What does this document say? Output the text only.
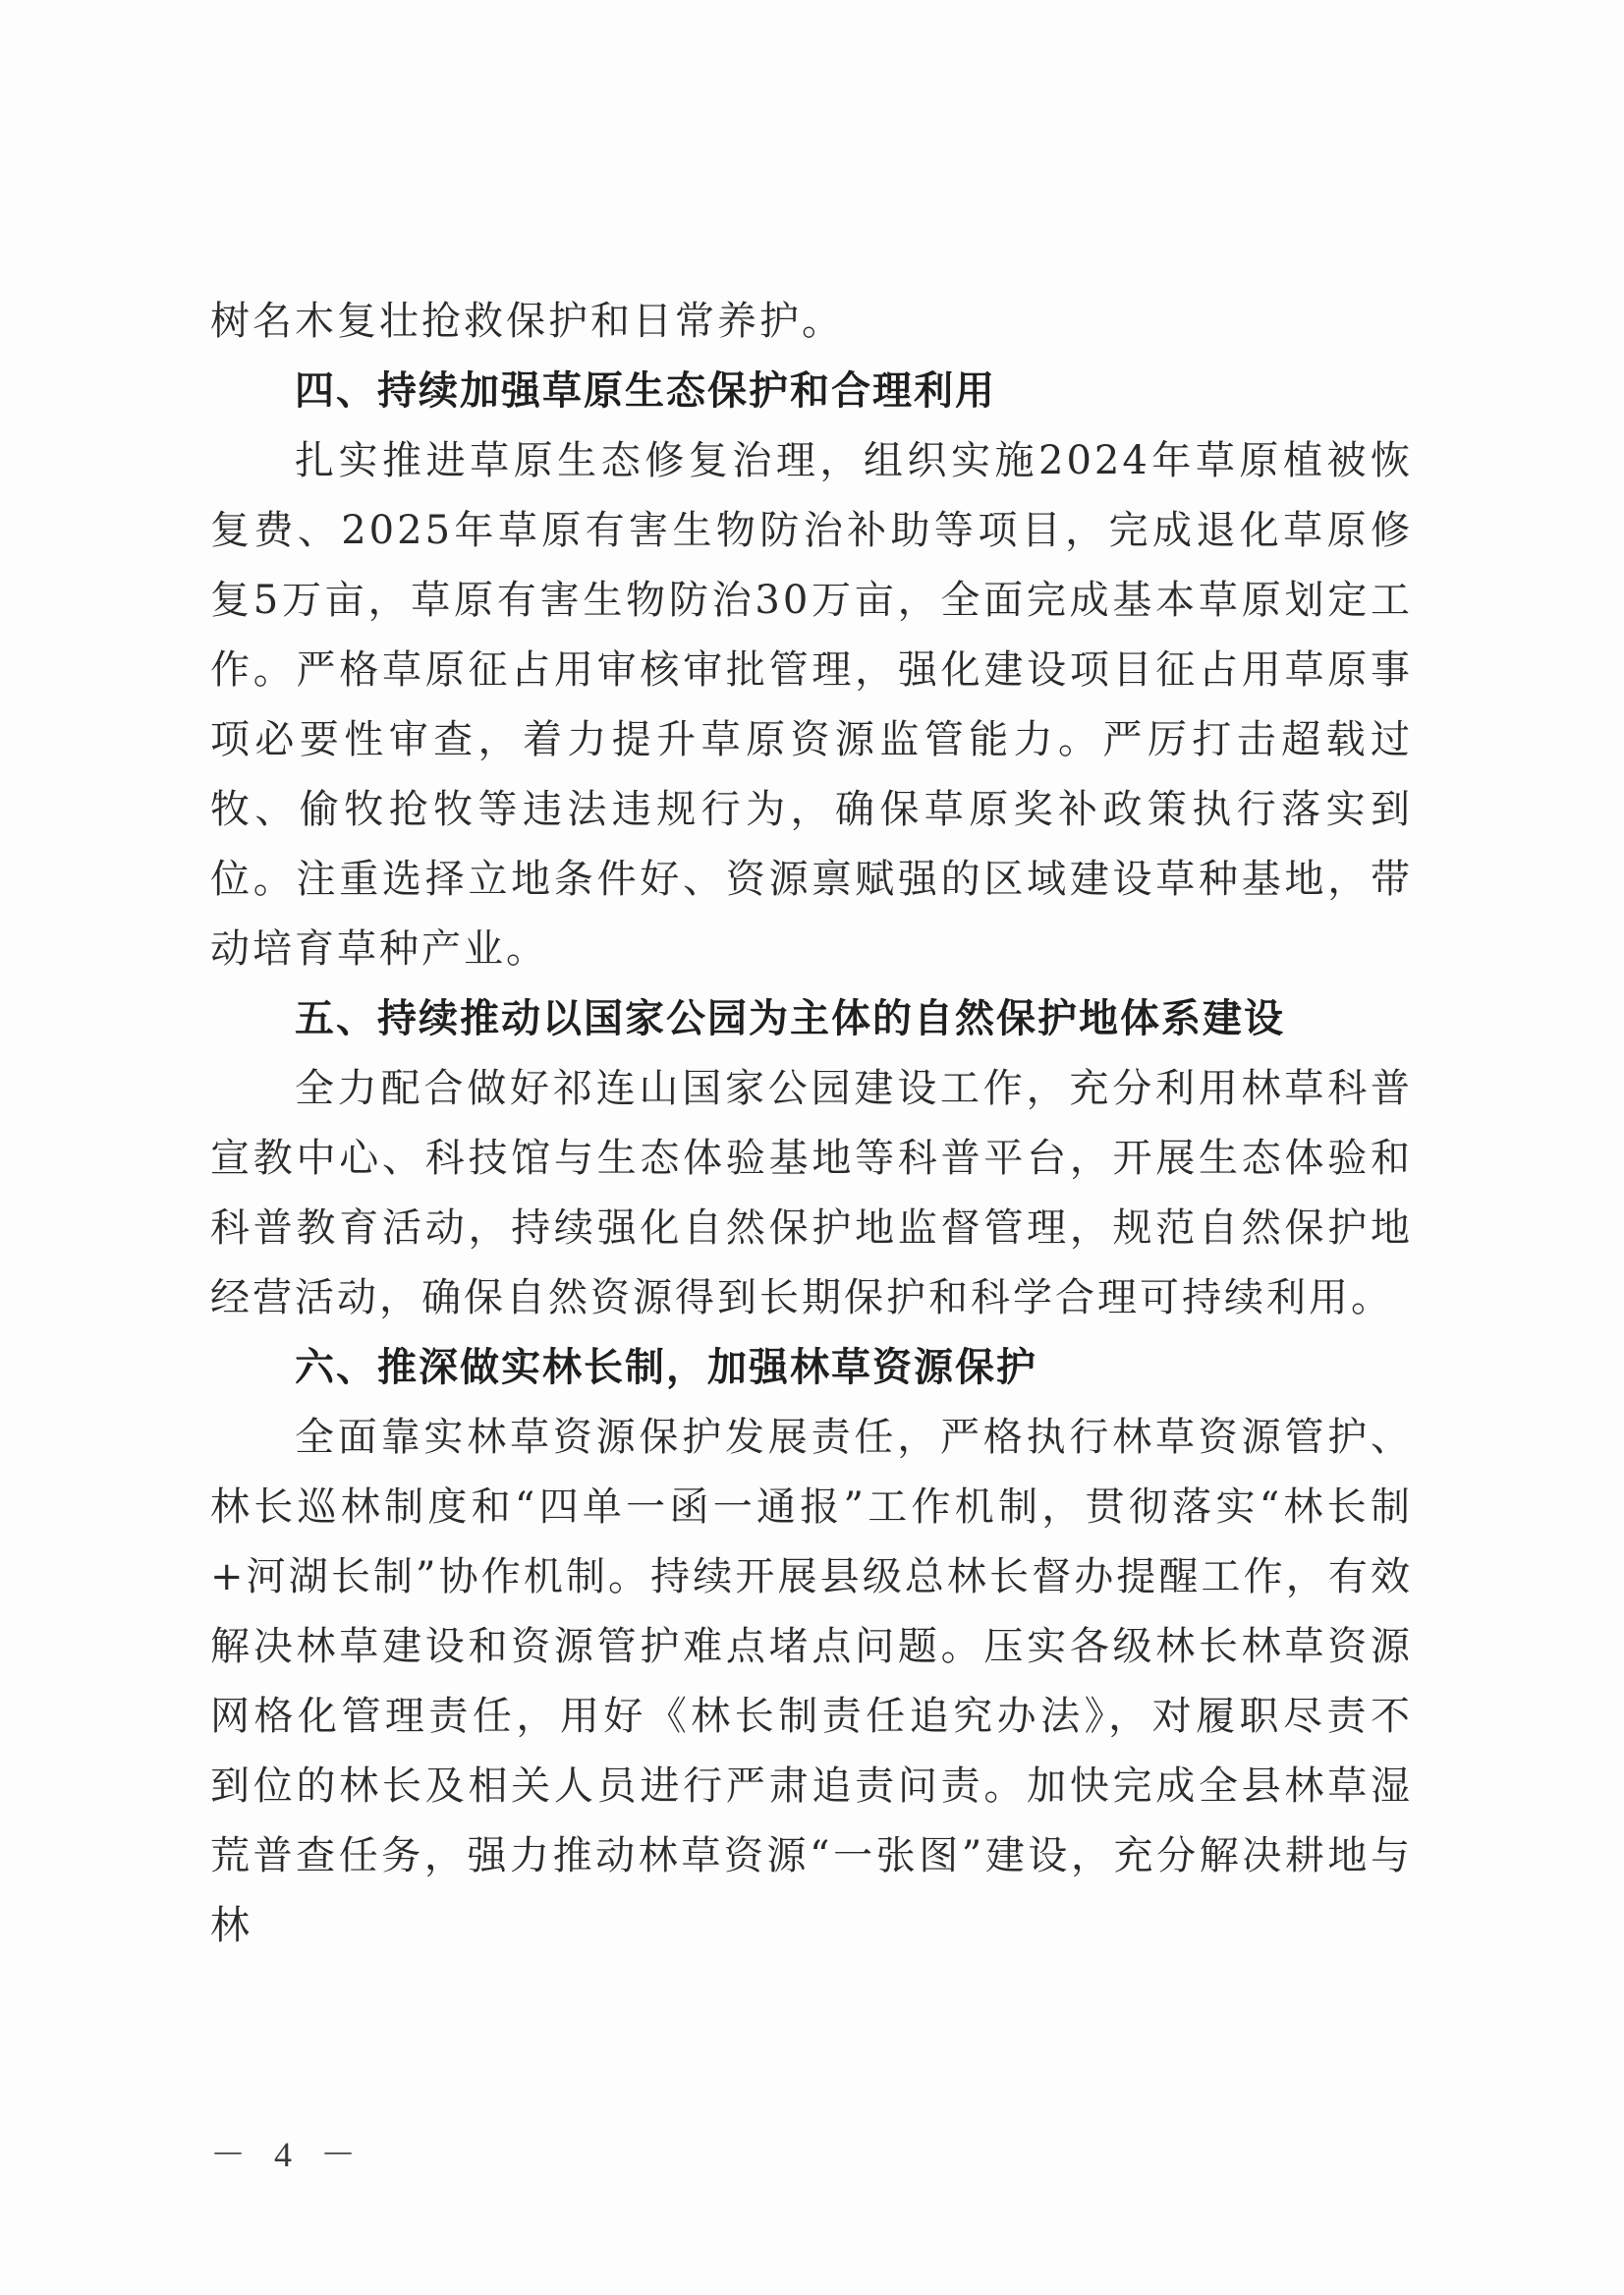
树名木复壮抢救保护和日常养护。

四、持续加强草原生态保护和合理利用

扎实推进草原生态修复治理，组织实施2024年草原植被恢复费、2025年草原有害生物防治补助等项目，完成退化草原修复5万亩，草原有害生物防治30万亩，全面完成基本草原划定工作。严格草原征占用审核审批管理，强化建设项目征占用草原事项必要性审查，着力提升草原资源监管能力。严厉打击超载过牧、偷牧抢牧等违法违规行为，确保草原奖补政策执行落实到位。注重选择立地条件好、资源禀赋强的区域建设草种基地，带动培育草种产业。

五、持续推动以国家公园为主体的自然保护地体系建设

全力配合做好祁连山国家公园建设工作，充分利用林草科普宣教中心、科技馆与生态体验基地等科普平台，开展生态体验和科普教育活动，持续强化自然保护地监督管理，规范自然保护地经营活动，确保自然资源得到长期保护和科学合理可持续利用。

六、推深做实林长制，加强林草资源保护

全面靠实林草资源保护发展责任，严格执行林草资源管护、林长巡林制度和“四单一函一通报”工作机制，贯彻落实“林长制+河湖长制”协作机制。持续开展县级总林长督办提醒工作，有效解决林草建设和资源管护难点堵点问题。压实各级林长林草资源网格化管理责任，用好《林长制责任追究办法》，对履职尽责不到位的林长及相关人员进行严肃追责问责。加快完成全县林草湿荒普查任务，强力推动林草资源“一张图”建设，充分解决耕地与林

－ 4 －
